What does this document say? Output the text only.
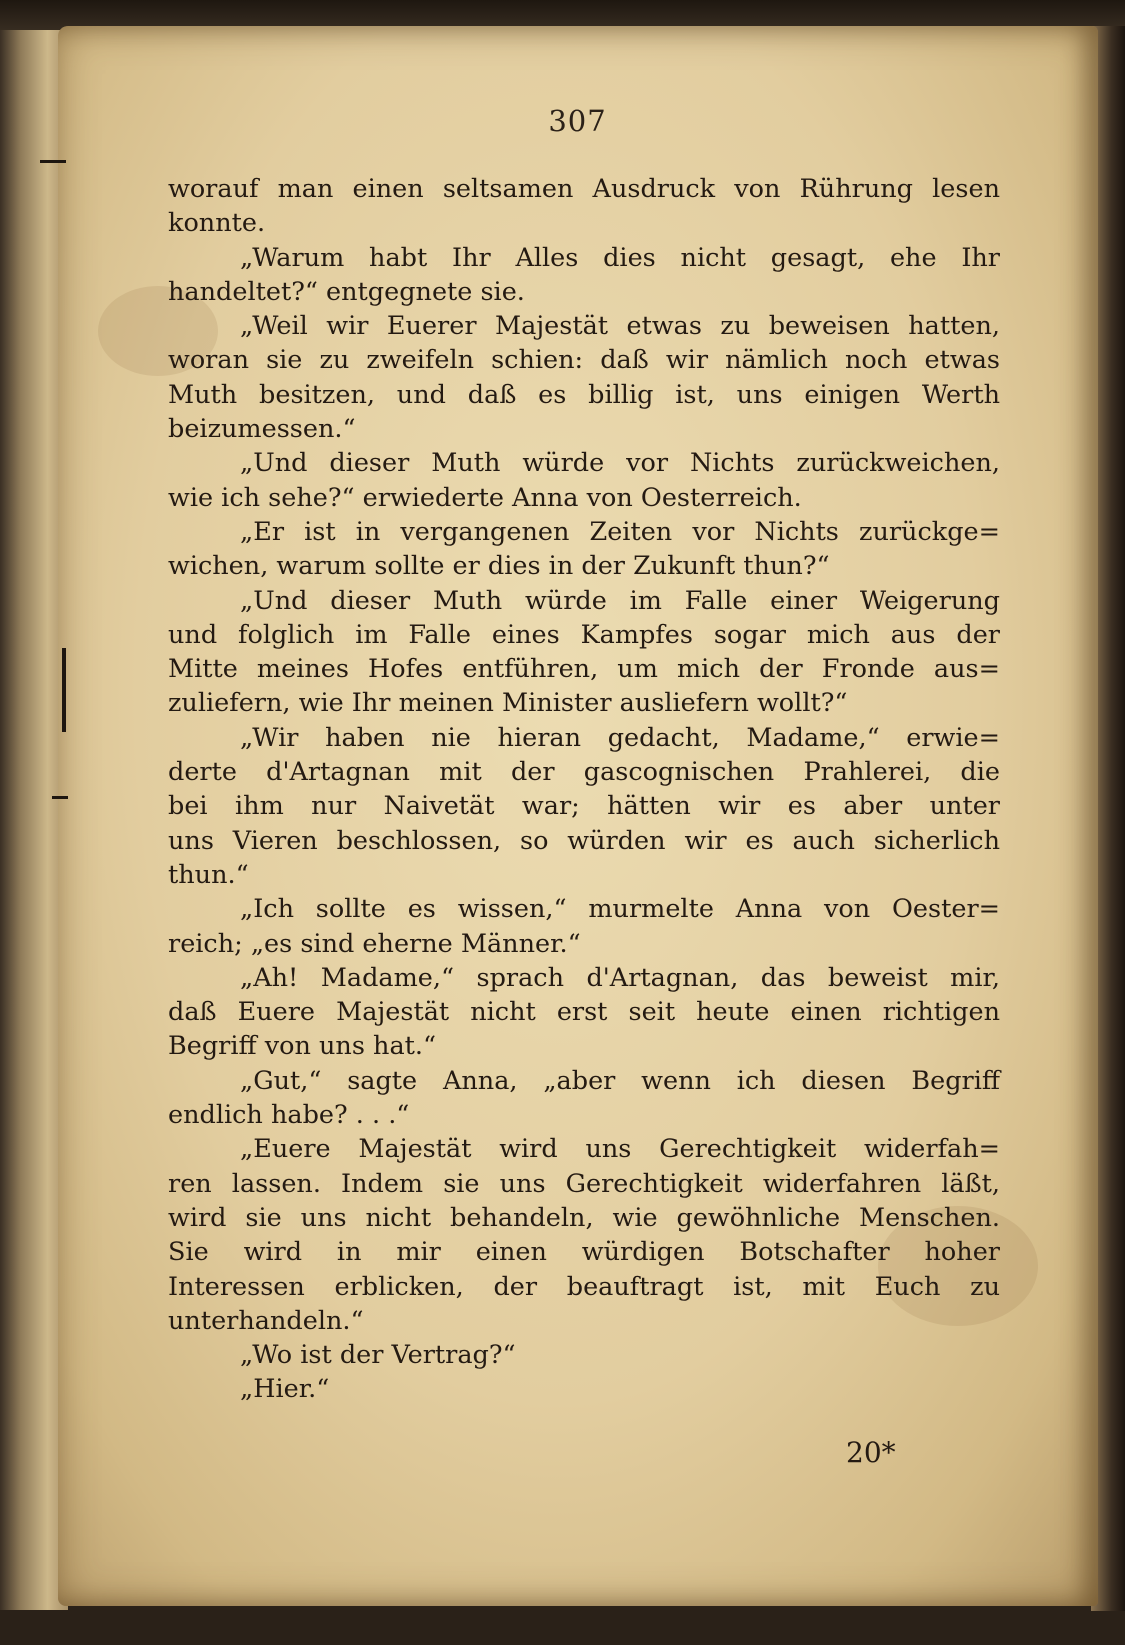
307
worauf man einen seltsamen Ausdruck von Rührung lesen
konnte.
„Warum habt Ihr Alles dies nicht gesagt, ehe Ihr
handeltet?“ entgegnete sie.
„Weil wir Euerer Majestät etwas zu beweisen hatten,
woran sie zu zweifeln schien: daß wir nämlich noch etwas
Muth besitzen, und daß es billig ist, uns einigen Werth
beizumessen.“
„Und dieser Muth würde vor Nichts zurückweichen,
wie ich sehe?“ erwiederte Anna von Oesterreich.
„Er ist in vergangenen Zeiten vor Nichts zurückge=
wichen, warum sollte er dies in der Zukunft thun?“
„Und dieser Muth würde im Falle einer Weigerung
und folglich im Falle eines Kampfes sogar mich aus der
Mitte meines Hofes entführen, um mich der Fronde aus=
zuliefern, wie Ihr meinen Minister ausliefern wollt?“
„Wir haben nie hieran gedacht, Madame,“ erwie=
derte d'Artagnan mit der gascognischen Prahlerei, die
bei ihm nur Naivetät war; hätten wir es aber unter
uns Vieren beschlossen, so würden wir es auch sicherlich
thun.“
„Ich sollte es wissen,“ murmelte Anna von Oester=
reich; „es sind eherne Männer.“
„Ah! Madame,“ sprach d'Artagnan, das beweist mir,
daß Euere Majestät nicht erst seit heute einen richtigen
Begriff von uns hat.“
„Gut,“ sagte Anna, „aber wenn ich diesen Begriff
endlich habe? . . .“
„Euere Majestät wird uns Gerechtigkeit widerfah=
ren lassen. Indem sie uns Gerechtigkeit widerfahren läßt,
wird sie uns nicht behandeln, wie gewöhnliche Menschen.
Sie wird in mir einen würdigen Botschafter hoher
Interessen erblicken, der beauftragt ist, mit Euch zu
unterhandeln.“
„Wo ist der Vertrag?“
„Hier.“
20*
